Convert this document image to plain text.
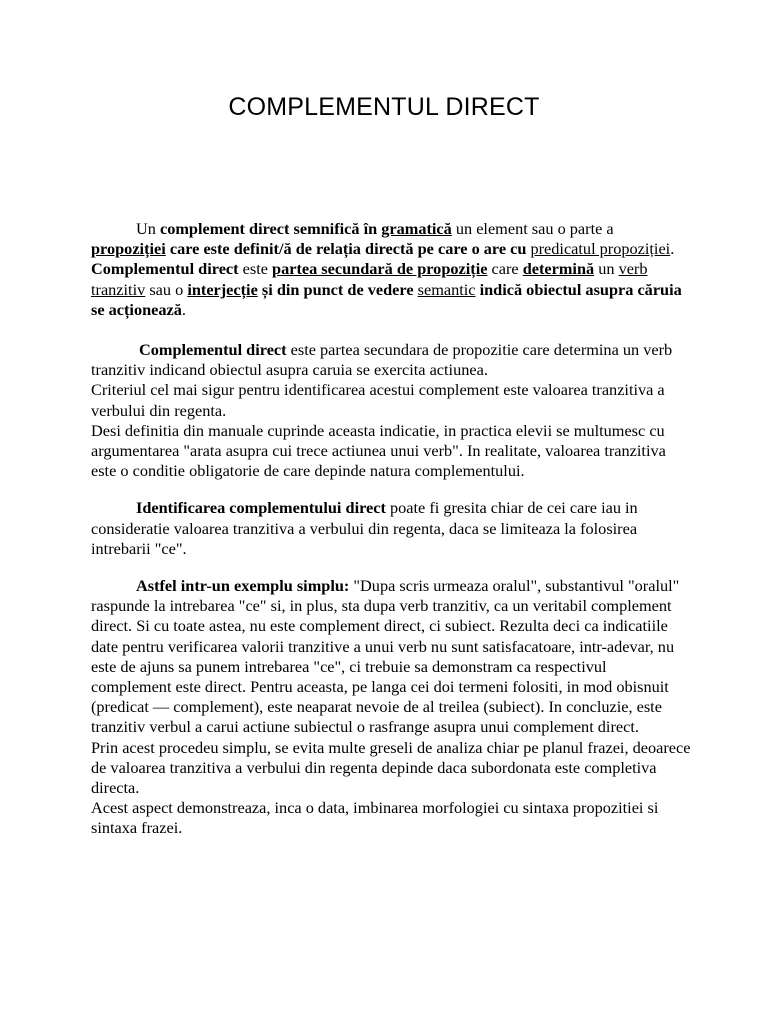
COMPLEMENTUL DIRECT

Un complement direct semnifică în gramatică un element sau o parte a propoziției care este definit/ă de relația directă pe care o are cu predicatul propoziției. Complementul direct este partea secundară de propoziție care determină un verb tranzitiv sau o interjecție și din punct de vedere semantic indică obiectul asupra căruia se acționează.

Complementul direct este partea secundara de propozitie care determina un verb tranzitiv indicand obiectul asupra caruia se exercita actiunea.

Criteriul cel mai sigur pentru identificarea acestui complement este valoarea tranzitiva a verbului din regenta.

Desi definitia din manuale cuprinde aceasta indicatie, in practica elevii se multumesc cu argumentarea "arata asupra cui trece actiunea unui verb". In realitate, valoarea tranzitiva este o conditie obligatorie de care depinde natura complementului.

Identificarea complementului direct poate fi gresita chiar de cei care iau in consideratie valoarea tranzitiva a verbului din regenta, daca se limiteaza la folosirea intrebarii "ce".

Astfel intr-un exemplu simplu: "Dupa scris urmeaza oralul", substantivul "oralul" raspunde la intrebarea "ce" si, in plus, sta dupa verb tranzitiv, ca un veritabil complement direct. Si cu toate astea, nu este complement direct, ci subiect. Rezulta deci ca indicatiile date pentru verificarea valorii tranzitive a unui verb nu sunt satisfacatoare, intr-adevar, nu este de ajuns sa punem intrebarea "ce", ci trebuie sa demonstram ca respectivul complement este direct. Pentru aceasta, pe langa cei doi termeni folositi, in mod obisnuit (predicat — complement), este neaparat nevoie de al treilea (subiect). In concluzie, este tranzitiv verbul a carui actiune subiectul o rasfrange asupra unui complement direct.

Prin acest procedeu simplu, se evita multe greseli de analiza chiar pe planul frazei, deoarece de valoarea tranzitiva a verbului din regenta depinde daca subordonata este completiva directa.

Acest aspect demonstreaza, inca o data, imbinarea morfologiei cu sintaxa propozitiei si sintaxa frazei.
